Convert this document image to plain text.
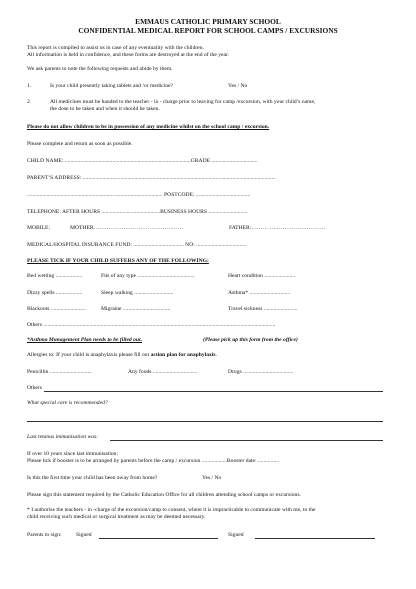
EMMAUS CATHOLIC PRIMARY SCHOOL
CONFIDENTIAL MEDICAL REPORT FOR SCHOOL CAMPS / EXCURSIONS
This report is compiled to assist us in case of any eventuality with the children.
All information is held in confidence, and these forms are destroyed at the end of the year.
We ask parents to note the following requests and abide by them.
1.	Is your child presently taking tablets and /or medicine?	Yes / No
2.	All medicines must be handed to the teacher - in - charge prior to leaving for camp /excursion, with your child’s name,
the dose to be taken and when it should be taken.
Please do not allow children to be in possession of any medicine whilst on the school camp / excursion.
Please complete and return as soon as possible.
CHILD NAME: ..........................................................................................GRADE .................................
PARENT’S ADDRESS: ..........................................................................................................................................
................................................................................................. POSTCODE: .......................................
TELEPHONE: AFTER HOURS ..........................................BUSINESS HOURS ............................
MOBILE:	MOTHER…………………………………………	FATHER:……… …………………………
MEDICAL/HOSPITAL INSURANCE FUND: .................................... NO: ....................................
PLEASE TICK IF YOUR CHILD SUFFERS ANY OF THE FOLLOWING:
Bed wetting ...................	Fits of any type .........................................	Heart condition ......................
Dizzy spells ...................	Sleep walking ............................	Asthma* .............................
Blackouts .........................	Migraine ..................................	Travel sickness ........................
Others ......................................................................................................................................................................
*Asthma Management Plan needs to be filled out.	(Please pick up this form from the office)
Allergies to: If your child is anaphylaxis please fill out action plan for anaphylaxis.
Penicillin ..............................	Any foods ................................	Drugs ....................................
Others
What special care is recommended?
Last tetanus immunisation was:
If over 10 years since last immunisation:
Please tick if booster is to be arranged by parents before the camp / excursion ..................Booster date: ...............
Is this the first time your child has been away from home?	Yes / No
Please sign this statement required by the Catholic Education Office for all children attending school camps or excursions.
* I authorise the teachers - in -charge of the excursion/camp to consent, where it is impracticable to communicate with me, to the
child receiving such medical or surgical treatment as may be deemed necessary.
Parents to sign:	Signed	Signed
